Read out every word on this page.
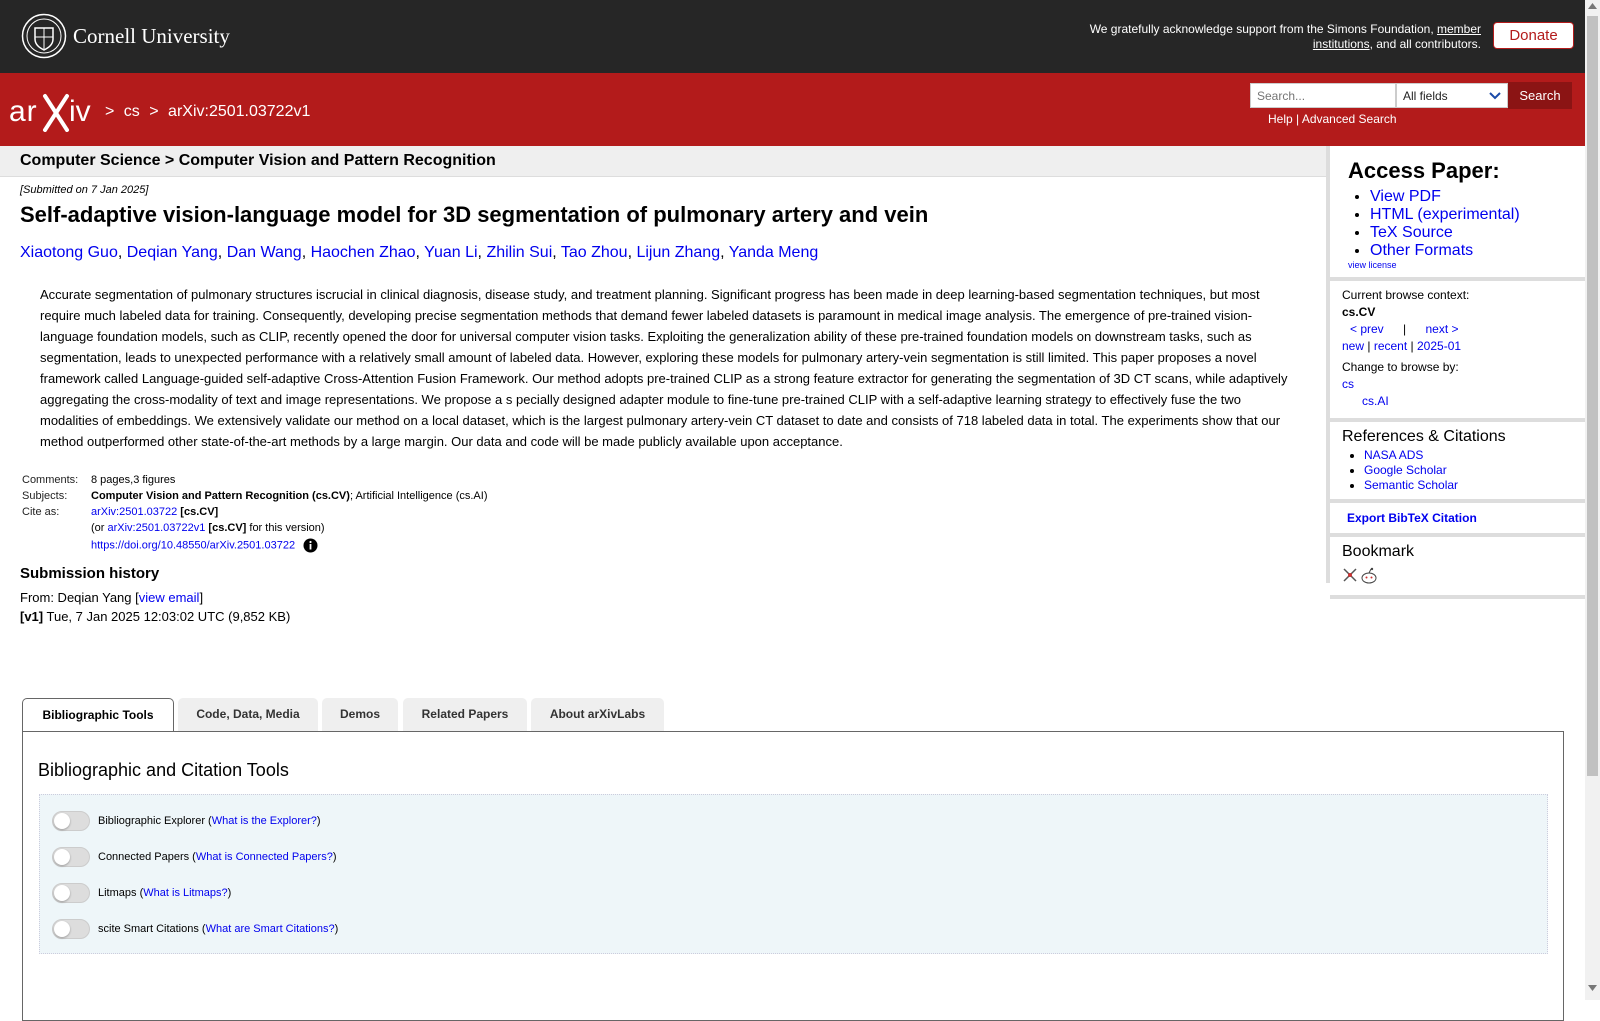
Cornell University	We gratefully acknowledge support from the Simons Foundation, member institutions, and all contributors.	Donate
ar iv > cs > arXiv:2501.03722v1
Search...
All fields	Search
Help | Advanced Search
Computer Science > Computer Vision and Pattern Recognition
[Submitted on 7 Jan 2025]
Self-adaptive vision-language model for 3D segmentation of pulmonary artery and vein
Xiaotong Guo, Deqian Yang, Dan Wang, Haochen Zhao, Yuan Li, Zhilin Sui, Tao Zhou, Lijun Zhang, Yanda Meng
Accurate segmentation of pulmonary structures iscrucial in clinical diagnosis, disease study, and treatment planning. Significant progress has been made in deep learning-based segmentation techniques, but most require much labeled data for training. Consequently, developing precise segmentation methods that demand fewer labeled datasets is paramount in medical image analysis. The emergence of pre-trained vision-language foundation models, such as CLIP, recently opened the door for universal computer vision tasks. Exploiting the generalization ability of these pre-trained foundation models on downstream tasks, such as segmentation, leads to unexpected performance with a relatively small amount of labeled data. However, exploring these models for pulmonary artery-vein segmentation is still limited. This paper proposes a novel framework called Language-guided self-adaptive Cross-Attention Fusion Framework. Our method adopts pre-trained CLIP as a strong feature extractor for generating the segmentation of 3D CT scans, while adaptively aggregating the cross-modality of text and image representations. We propose a s pecially designed adapter module to fine-tune pre-trained CLIP with a self-adaptive learning strategy to effectively fuse the two modalities of embeddings. We extensively validate our method on a local dataset, which is the largest pulmonary artery-vein CT dataset to date and consists of 718 labeled data in total. The experiments show that our method outperformed other state-of-the-art methods by a large margin. Our data and code will be made publicly available upon acceptance.
Comments:	8 pages,3 figures
Subjects:	Computer Vision and Pattern Recognition (cs.CV); Artificial Intelligence (cs.AI)
Cite as:	arXiv:2501.03722 [cs.CV]
	(or arXiv:2501.03722v1 [cs.CV] for this version)
	https://doi.org/10.48550/arXiv.2501.03722
Submission history
From: Deqian Yang [view email]
[v1] Tue, 7 Jan 2025 12:03:02 UTC (9,852 KB)
Access Paper:
• View PDF
• HTML (experimental)
• TeX Source
• Other Formats
view license
Current browse context:
cs.CV
< prev | next >
new | recent | 2025-01
Change to browse by:
cs
cs.AI
References & Citations
• NASA ADS
• Google Scholar
• Semantic Scholar
Export BibTeX Citation
Bookmark
Bibliographic Tools	Code, Data, Media	Demos	Related Papers	About arXivLabs
Bibliographic and Citation Tools
Bibliographic Explorer ( What is the Explorer? )
Connected Papers ( What is Connected Papers? )
Litmaps ( What is Litmaps? )
scite Smart Citations ( What are Smart Citations? )
